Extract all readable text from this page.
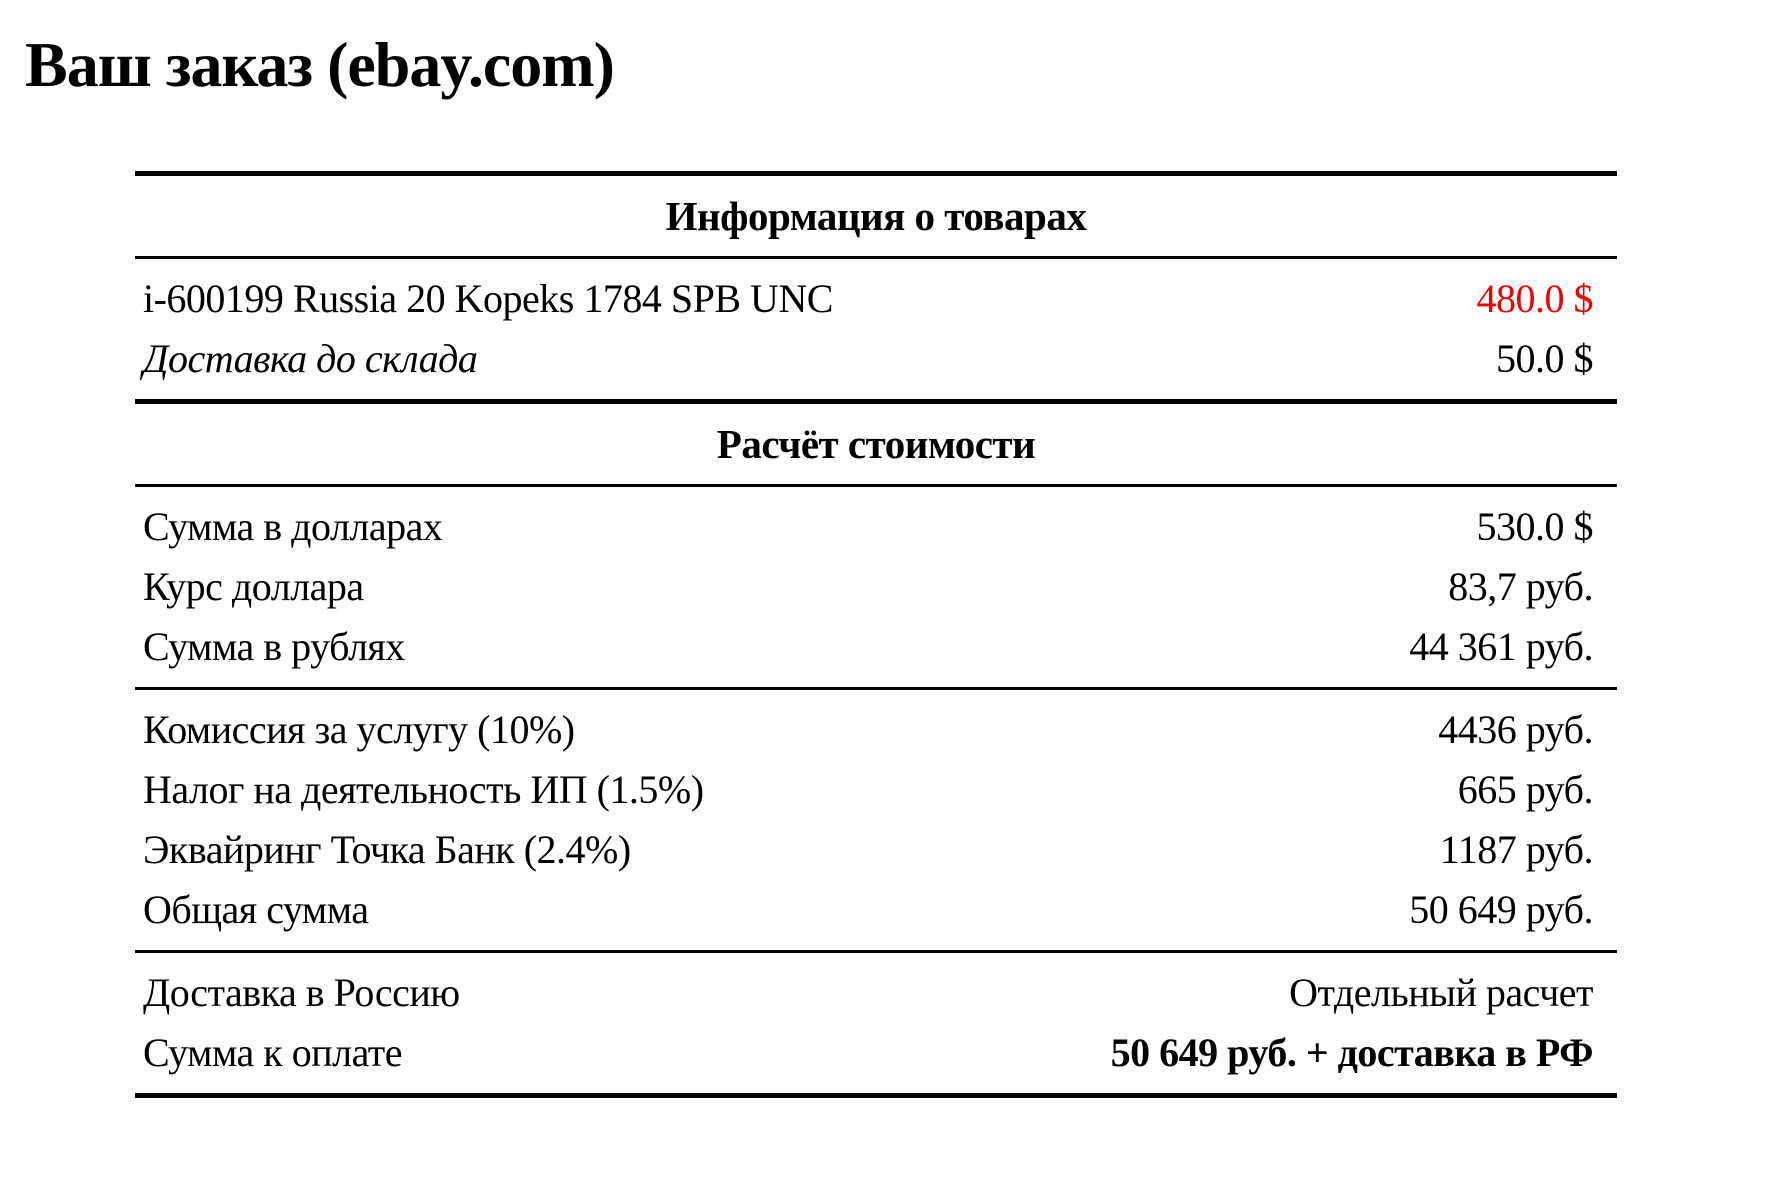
Ваш заказ (ebay.com)
Информация о товарах
i-600199 Russia 20 Kopeks 1784 SPB UNC	480.0 $
Доставка до склада	50.0 $
Расчёт стоимости
Сумма в долларах	530.0 $
Курс доллара	83,7 руб.
Сумма в рублях	44 361 руб.
Комиссия за услугу (10%)	4436 руб.
Налог на деятельность ИП (1.5%)	665 руб.
Эквайринг Точка Банк (2.4%)	1187 руб.
Общая сумма	50 649 руб.
Доставка в Россию	Отдельный расчет
Сумма к оплате	50 649 руб. + доставка в РФ
